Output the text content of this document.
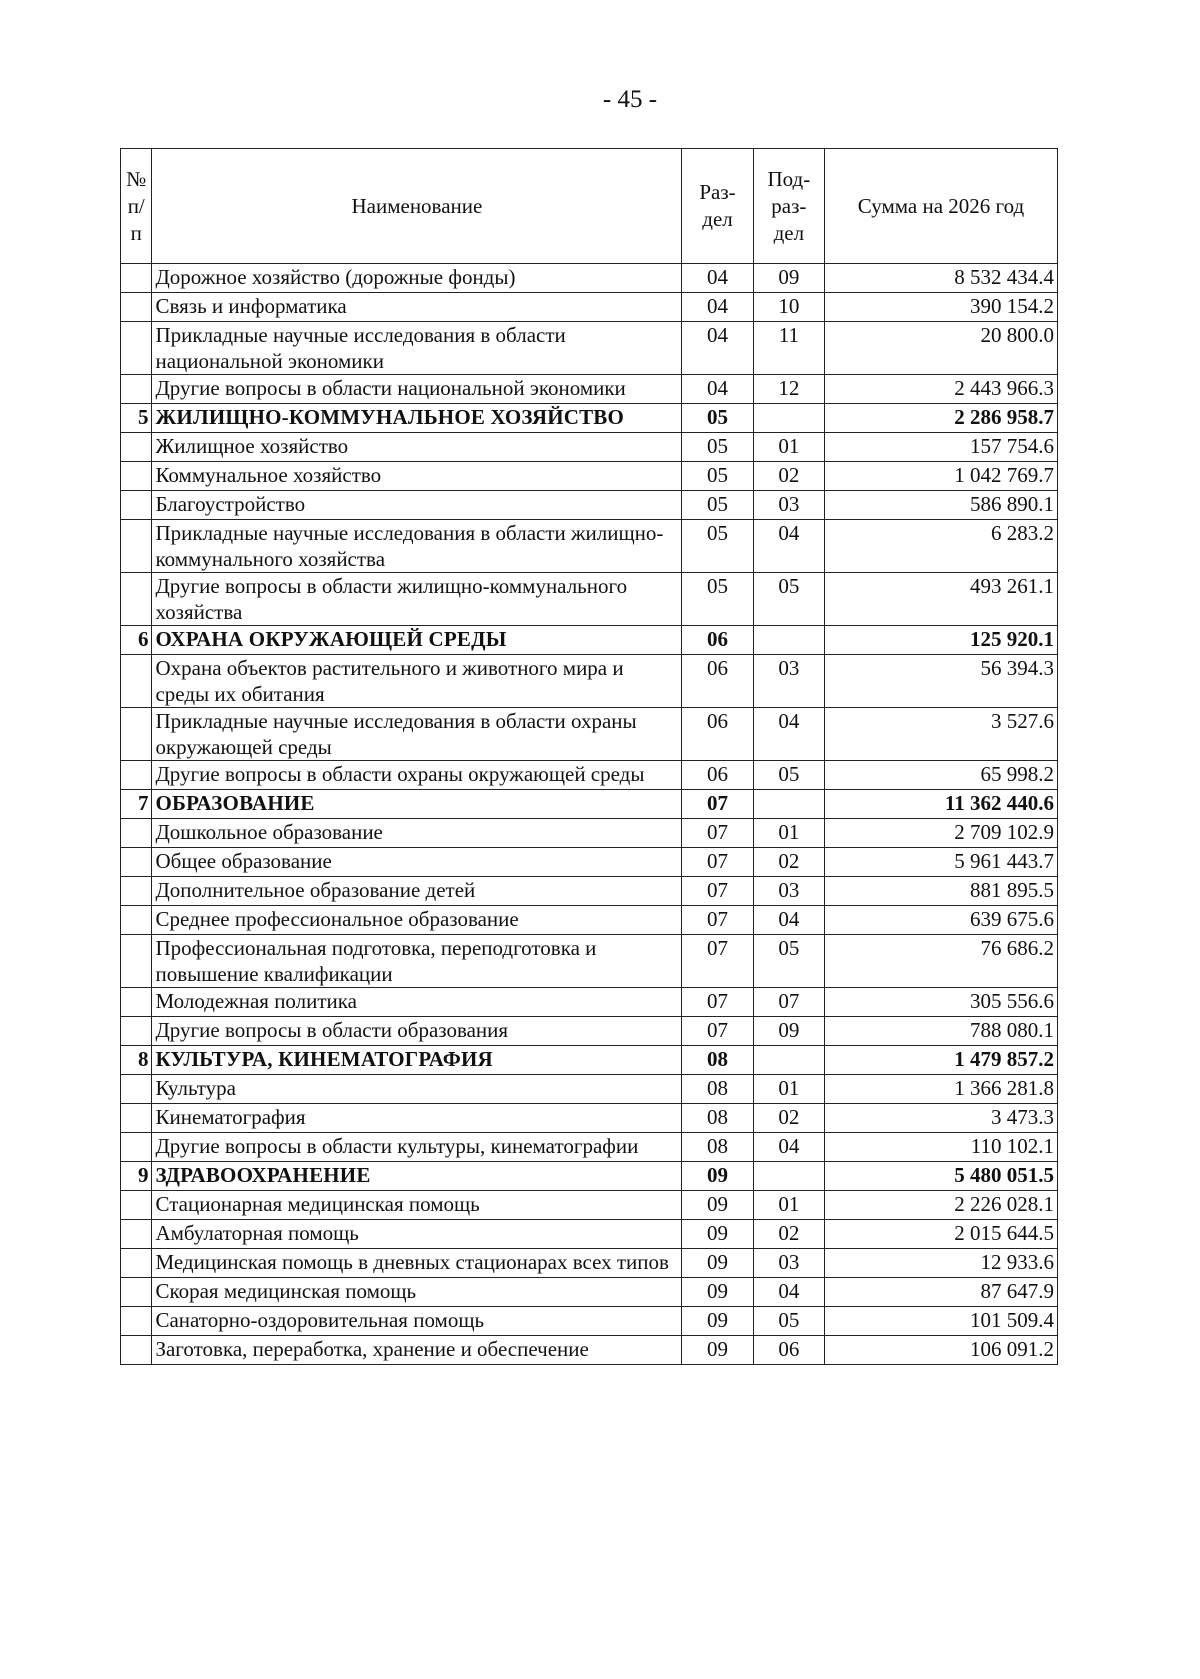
- 45 -
№ п/п	Наименование	Раз-дел	Под-раз-дел	Сумма на 2026 год
	Дорожное хозяйство (дорожные фонды)	04	09	8 532 434.4
	Связь и информатика	04	10	390 154.2
	Прикладные научные исследования в области национальной экономики	04	11	20 800.0
	Другие вопросы в области национальной экономики	04	12	2 443 966.3
5	ЖИЛИЩНО-КОММУНАЛЬНОЕ ХОЗЯЙСТВО	05		2 286 958.7
	Жилищное хозяйство	05	01	157 754.6
	Коммунальное хозяйство	05	02	1 042 769.7
	Благоустройство	05	03	586 890.1
	Прикладные научные исследования в области жилищно-коммунального хозяйства	05	04	6 283.2
	Другие вопросы в области жилищно-коммунального хозяйства	05	05	493 261.1
6	ОХРАНА ОКРУЖАЮЩЕЙ СРЕДЫ	06		125 920.1
	Охрана объектов растительного и животного мира и среды их обитания	06	03	56 394.3
	Прикладные научные исследования в области охраны окружающей среды	06	04	3 527.6
	Другие вопросы в области охраны окружающей среды	06	05	65 998.2
7	ОБРАЗОВАНИЕ	07		11 362 440.6
	Дошкольное образование	07	01	2 709 102.9
	Общее образование	07	02	5 961 443.7
	Дополнительное образование детей	07	03	881 895.5
	Среднее профессиональное образование	07	04	639 675.6
	Профессиональная подготовка, переподготовка и повышение квалификации	07	05	76 686.2
	Молодежная политика	07	07	305 556.6
	Другие вопросы в области образования	07	09	788 080.1
8	КУЛЬТУРА, КИНЕМАТОГРАФИЯ	08		1 479 857.2
	Культура	08	01	1 366 281.8
	Кинематография	08	02	3 473.3
	Другие вопросы в области культуры, кинематографии	08	04	110 102.1
9	ЗДРАВООХРАНЕНИЕ	09		5 480 051.5
	Стационарная медицинская помощь	09	01	2 226 028.1
	Амбулаторная помощь	09	02	2 015 644.5
	Медицинская помощь в дневных стационарах всех типов	09	03	12 933.6
	Скорая медицинская помощь	09	04	87 647.9
	Санаторно-оздоровительная помощь	09	05	101 509.4
	Заготовка, переработка, хранение и обеспечение	09	06	106 091.2
